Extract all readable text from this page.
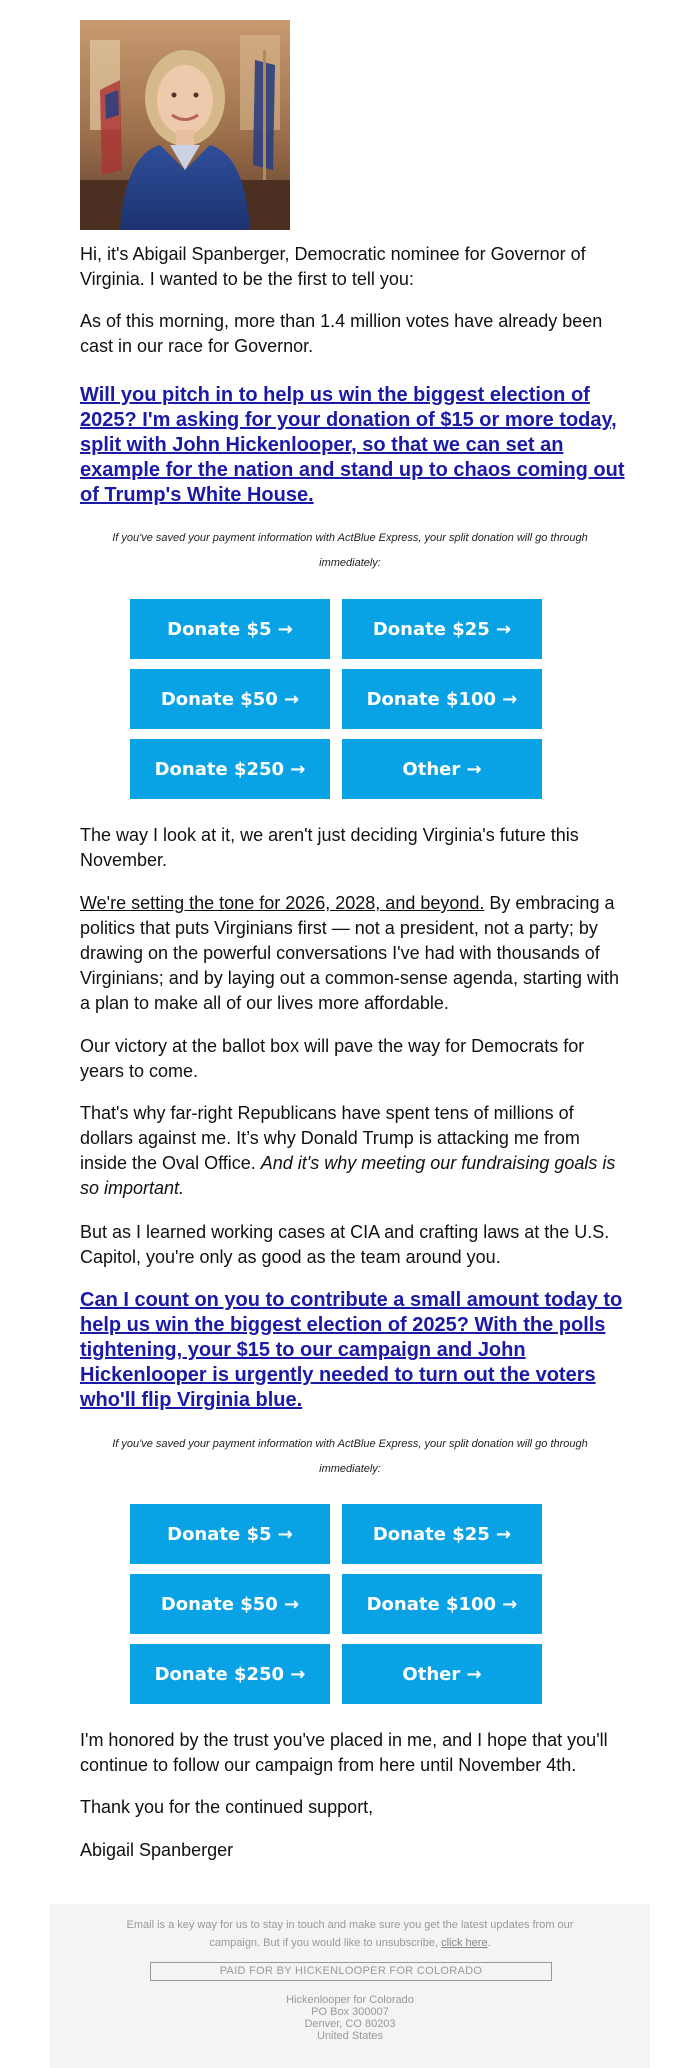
Hi, it's Abigail Spanberger, Democratic nominee for Governor of Virginia. I wanted to be the first to tell you:

As of this morning, more than 1.4 million votes have already been cast in our race for Governor.

Will you pitch in to help us win the biggest election of 2025? I'm asking for your donation of $15 or more today, split with John Hickenlooper, so that we can set an example for the nation and stand up to chaos coming out of Trump's White House.
If you've saved your payment information with ActBlue Express, your split donation will go through immediately:
Donate $5 →	Donate $25 →
Donate $50 →	Donate $100 →
Donate $250 →	Other →

The way I look at it, we aren't just deciding Virginia's future this November.

We're setting the tone for 2026, 2028, and beyond. By embracing a politics that puts Virginians first — not a president, not a party; by drawing on the powerful conversations I've had with thousands of Virginians; and by laying out a common-sense agenda, starting with a plan to make all of our lives more affordable.

Our victory at the ballot box will pave the way for Democrats for years to come.

That's why far-right Republicans have spent tens of millions of dollars against me. It’s why Donald Trump is attacking me from inside the Oval Office. And it's why meeting our fundraising goals is so important.

But as I learned working cases at CIA and crafting laws at the U.S. Capitol, you're only as good as the team around you.

Can I count on you to contribute a small amount today to help us win the biggest election of 2025? With the polls tightening, your $15 to our campaign and John Hickenlooper is urgently needed to turn out the voters who'll flip Virginia blue.
If you've saved your payment information with ActBlue Express, your split donation will go through immediately:
Donate $5 →	Donate $25 →
Donate $50 →	Donate $100 →
Donate $250 →	Other →

I'm honored by the trust you've placed in me, and I hope that you'll continue to follow our campaign from here until November 4th.

Thank you for the continued support,

Abigail Spanberger

Email is a key way for us to stay in touch and make sure you get the latest updates from our campaign. But if you would like to unsubscribe, click here.
PAID FOR BY HICKENLOOPER FOR COLORADO
Hickenlooper for Colorado
PO Box 300007
Denver, CO 80203
United States
